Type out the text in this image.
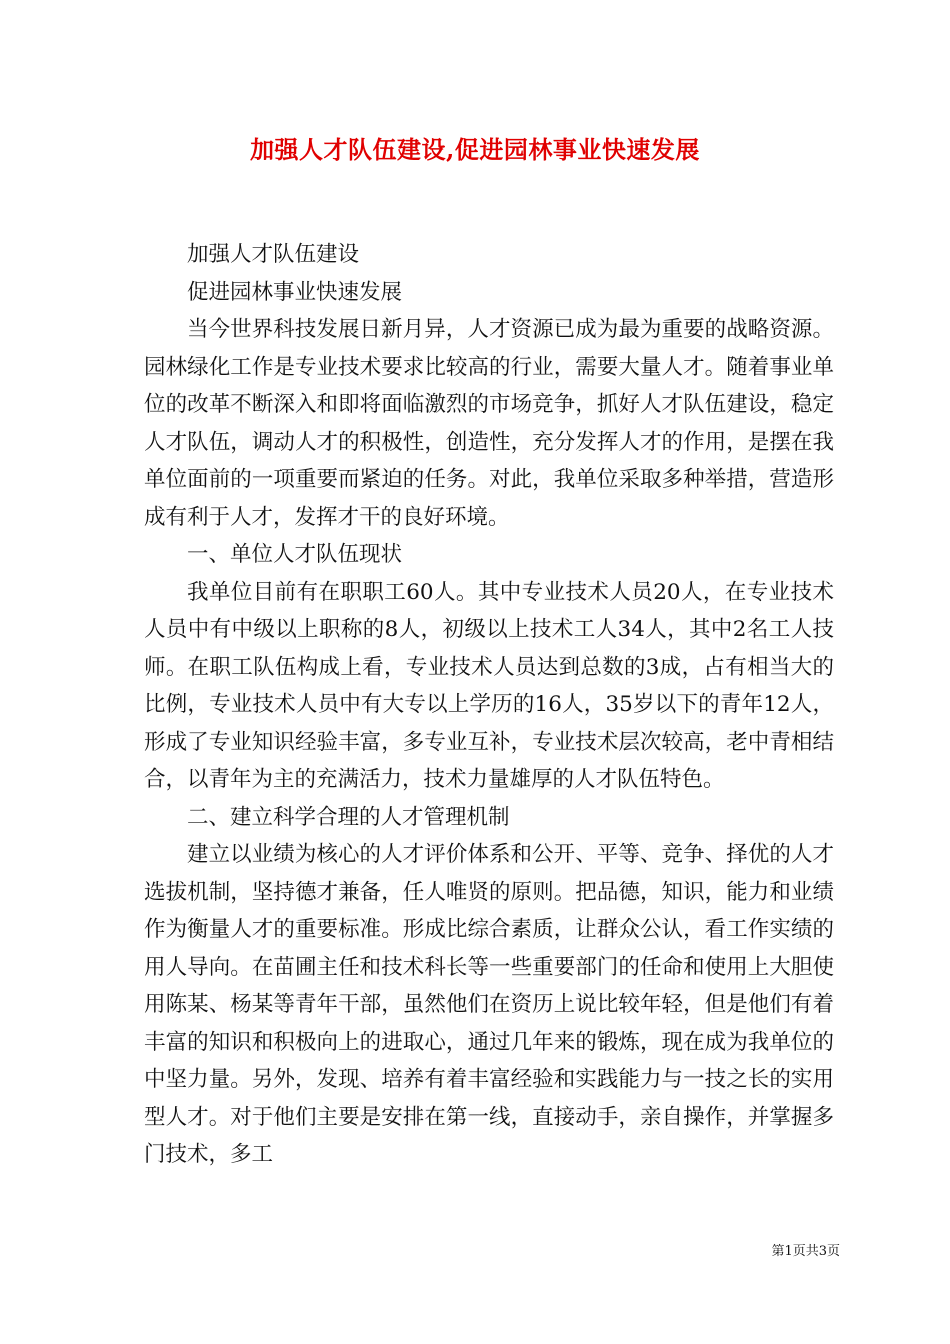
加强人才队伍建设,促进园林事业快速发展

加强人才队伍建设

促进园林事业快速发展

当今世界科技发展日新月异，人才资源已成为最为重要的战略资源。园林绿化工作是专业技术要求比较高的行业，需要大量人才。随着事业单位的改革不断深入和即将面临激烈的市场竞争，抓好人才队伍建设，稳定人才队伍，调动人才的积极性，创造性，充分发挥人才的作用，是摆在我单位面前的一项重要而紧迫的任务。对此，我单位采取多种举措，营造形成有利于人才，发挥才干的良好环境。

一、单位人才队伍现状

我单位目前有在职职工60人。其中专业技术人员20人，在专业技术人员中有中级以上职称的8人，初级以上技术工人34人，其中2名工人技师。在职工队伍构成上看，专业技术人员达到总数的3成，占有相当大的比例，专业技术人员中有大专以上学历的16人，35岁以下的青年12人，形成了专业知识经验丰富，多专业互补，专业技术层次较高，老中青相结合，以青年为主的充满活力，技术力量雄厚的人才队伍特色。

二、建立科学合理的人才管理机制

建立以业绩为核心的人才评价体系和公开、平等、竞争、择优的人才选拔机制，坚持德才兼备，任人唯贤的原则。把品德，知识，能力和业绩作为衡量人才的重要标准。形成比综合素质，让群众公认，看工作实绩的用人导向。在苗圃主任和技术科长等一些重要部门的任命和使用上大胆使用陈某、杨某等青年干部，虽然他们在资历上说比较年轻，但是他们有着丰富的知识和积极向上的进取心，通过几年来的锻炼，现在成为我单位的中坚力量。另外，发现、培养有着丰富经验和实践能力与一技之长的实用型人才。对于他们主要是安排在第一线，直接动手，亲自操作，并掌握多门技术，多工

第1页共3页
